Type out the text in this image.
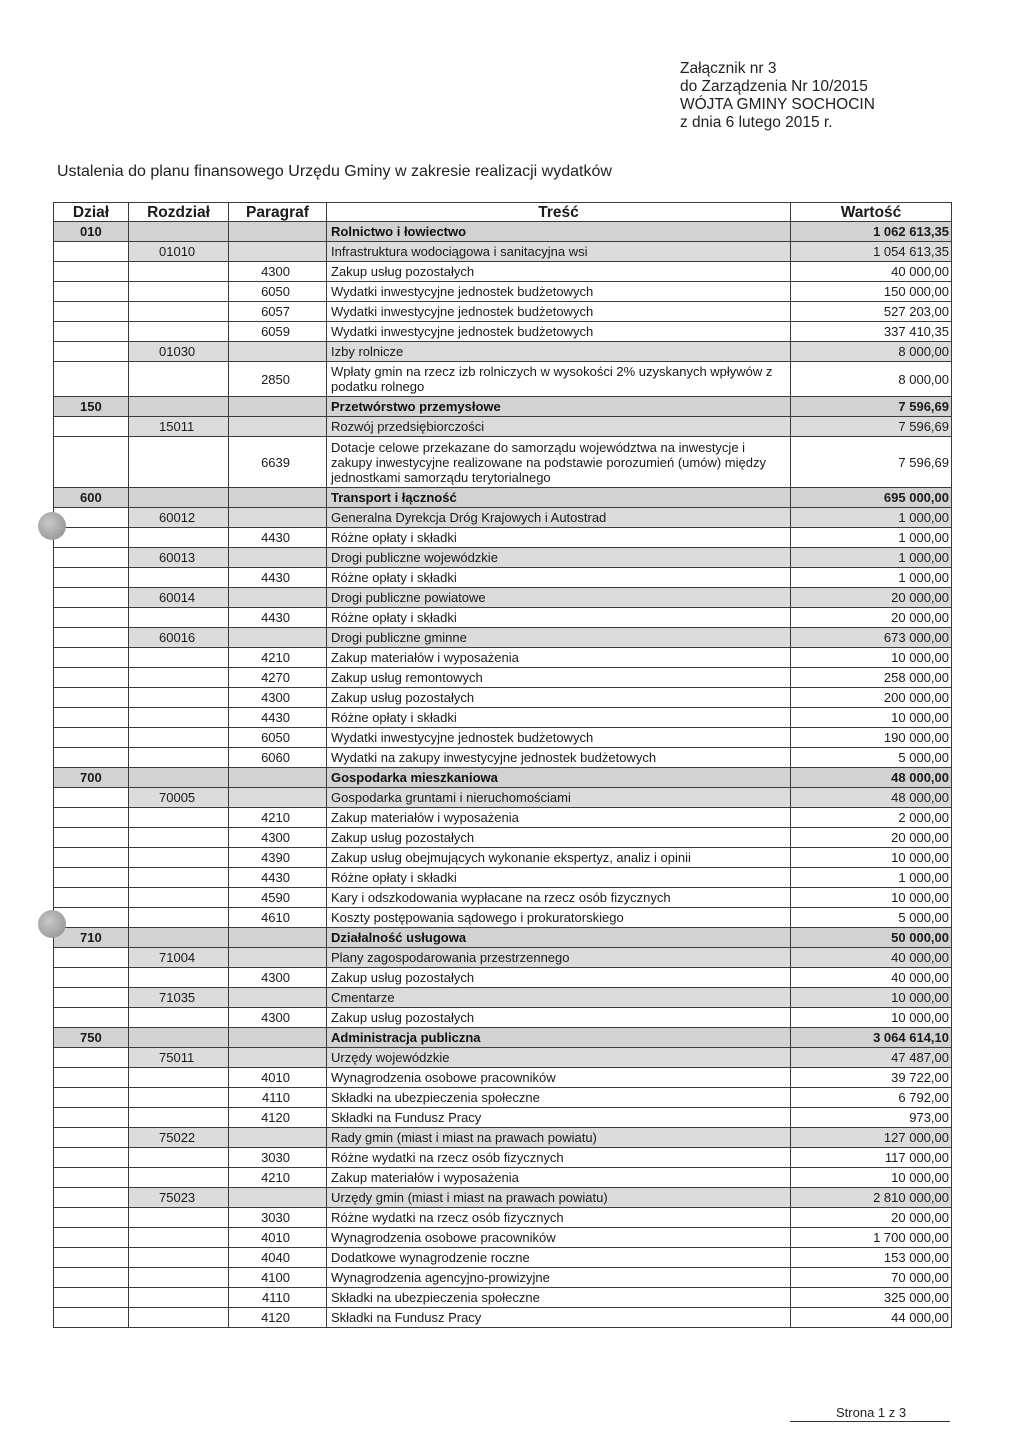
Załącznik nr 3
do Zarządzenia Nr 10/2015
WÓJTA GMINY SOCHOCIN
z dnia 6 lutego 2015 r.
Ustalenia do planu finansowego Urzędu Gminy w zakresie realizacji wydatków
Dział	Rozdział	Paragraf	Treść	Wartość
010			Rolnictwo i łowiectwo	1 062 613,35
	01010		Infrastruktura wodociągowa i sanitacyjna wsi	1 054 613,35
		4300	Zakup usług pozostałych	40 000,00
		6050	Wydatki inwestycyjne jednostek budżetowych	150 000,00
		6057	Wydatki inwestycyjne jednostek budżetowych	527 203,00
		6059	Wydatki inwestycyjne jednostek budżetowych	337 410,35
	01030		Izby rolnicze	8 000,00
		2850	Wpłaty gmin na rzecz izb rolniczych w wysokości 2% uzyskanych wpływów z podatku rolnego	8 000,00
150			Przetwórstwo przemysłowe	7 596,69
	15011		Rozwój przedsiębiorczości	7 596,69
		6639	Dotacje celowe przekazane do samorządu województwa na inwestycje i zakupy inwestycyjne realizowane na podstawie porozumień (umów) między jednostkami samorządu terytorialnego	7 596,69
600			Transport i łączność	695 000,00
	60012		Generalna Dyrekcja Dróg Krajowych i Autostrad	1 000,00
		4430	Różne opłaty i składki	1 000,00
	60013		Drogi publiczne wojewódzkie	1 000,00
		4430	Różne opłaty i składki	1 000,00
	60014		Drogi publiczne powiatowe	20 000,00
		4430	Różne opłaty i składki	20 000,00
	60016		Drogi publiczne gminne	673 000,00
		4210	Zakup materiałów i wyposażenia	10 000,00
		4270	Zakup usług remontowych	258 000,00
		4300	Zakup usług pozostałych	200 000,00
		4430	Różne opłaty i składki	10 000,00
		6050	Wydatki inwestycyjne jednostek budżetowych	190 000,00
		6060	Wydatki na zakupy inwestycyjne jednostek budżetowych	5 000,00
700			Gospodarka mieszkaniowa	48 000,00
	70005		Gospodarka gruntami i nieruchomościami	48 000,00
		4210	Zakup materiałów i wyposażenia	2 000,00
		4300	Zakup usług pozostałych	20 000,00
		4390	Zakup usług obejmujących wykonanie ekspertyz, analiz i opinii	10 000,00
		4430	Różne opłaty i składki	1 000,00
		4590	Kary i odszkodowania wypłacane na rzecz osób fizycznych	10 000,00
		4610	Koszty postępowania sądowego i prokuratorskiego	5 000,00
710			Działalność usługowa	50 000,00
	71004		Plany zagospodarowania przestrzennego	40 000,00
		4300	Zakup usług pozostałych	40 000,00
	71035		Cmentarze	10 000,00
		4300	Zakup usług pozostałych	10 000,00
750			Administracja publiczna	3 064 614,10
	75011		Urzędy wojewódzkie	47 487,00
		4010	Wynagrodzenia osobowe pracowników	39 722,00
		4110	Składki na ubezpieczenia społeczne	6 792,00
		4120	Składki na Fundusz Pracy	973,00
	75022		Rady gmin (miast i miast na prawach powiatu)	127 000,00
		3030	Różne wydatki na rzecz osób fizycznych	117 000,00
		4210	Zakup materiałów i wyposażenia	10 000,00
	75023		Urzędy gmin (miast i miast na prawach powiatu)	2 810 000,00
		3030	Różne wydatki na rzecz osób fizycznych	20 000,00
		4010	Wynagrodzenia osobowe pracowników	1 700 000,00
		4040	Dodatkowe wynagrodzenie roczne	153 000,00
		4100	Wynagrodzenia agencyjno-prowizyjne	70 000,00
		4110	Składki na ubezpieczenia społeczne	325 000,00
		4120	Składki na Fundusz Pracy	44 000,00
Strona 1 z 3
